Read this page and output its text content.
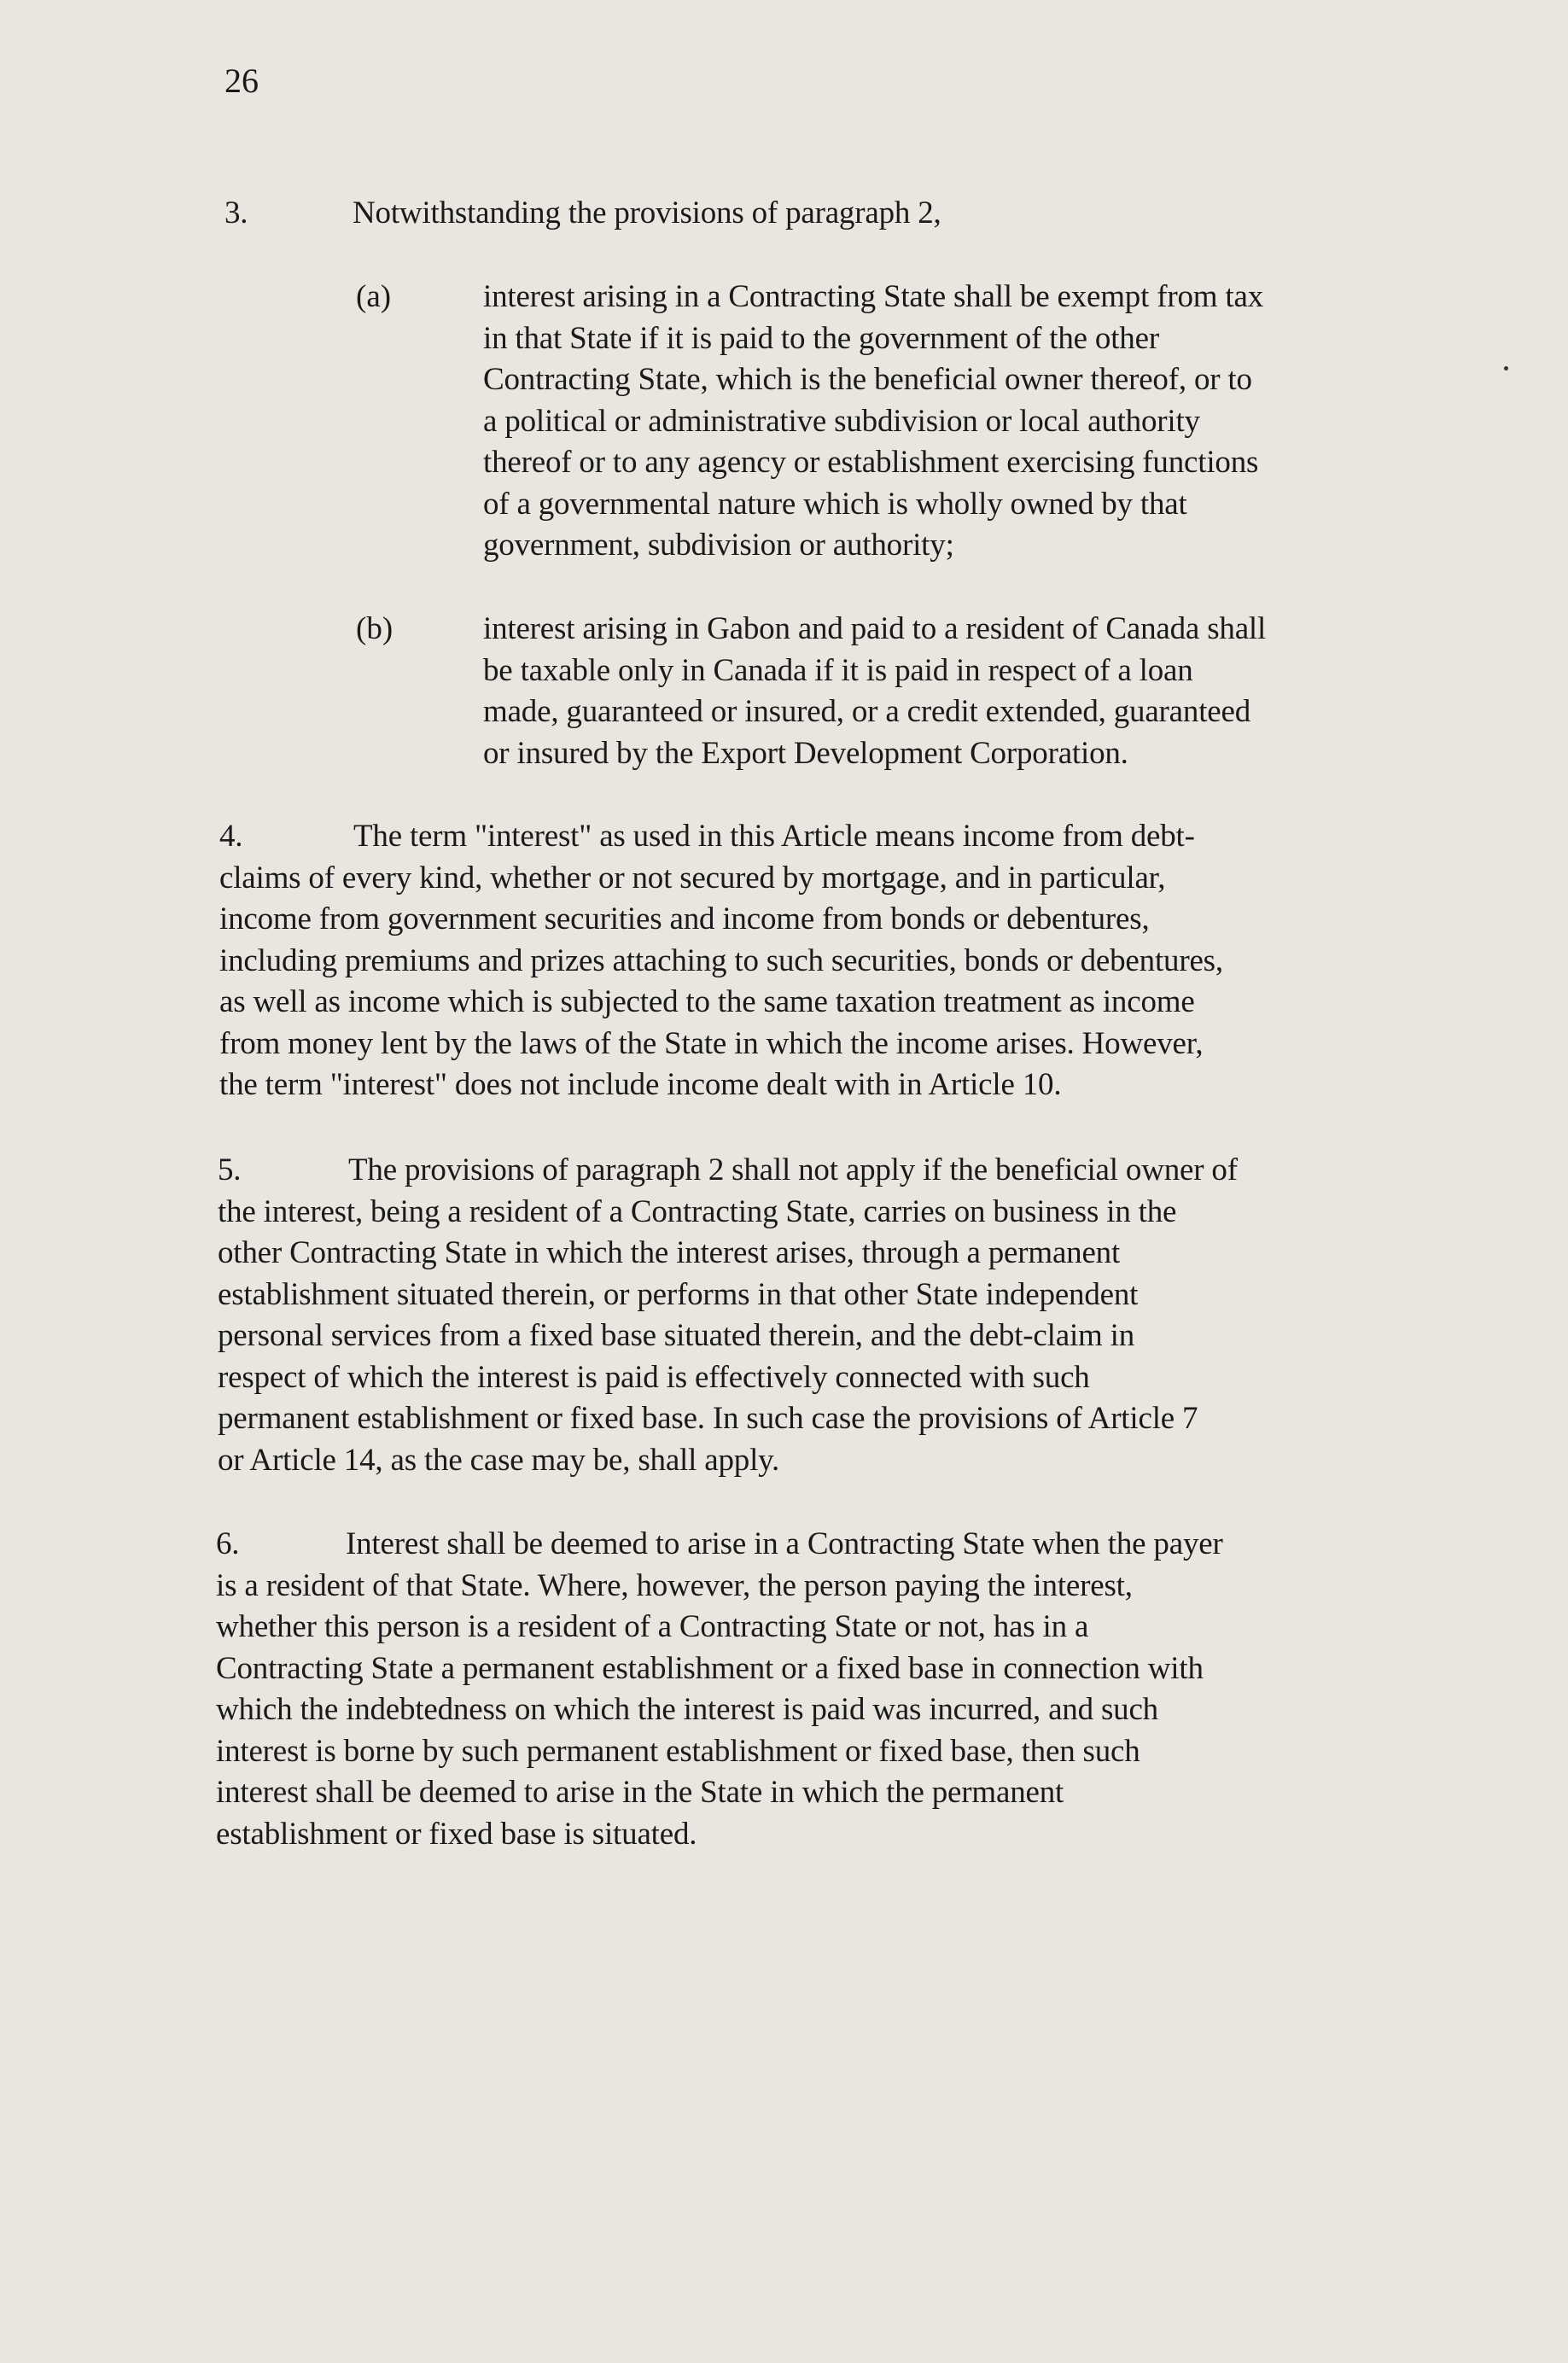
26
3.	Notwithstanding the provisions of paragraph 2,
(a)	interest arising in a Contracting State shall be exempt from tax
in that State if it is paid to the government of the other
Contracting State, which is the beneficial owner thereof, or to
a political or administrative subdivision or local authority
thereof or to any agency or establishment exercising functions
of a governmental nature which is wholly owned by that
government, subdivision or authority;
(b)	interest arising in Gabon and paid to a resident of Canada shall
be taxable only in Canada if it is paid in respect of a loan
made, guaranteed or insured, or a credit extended, guaranteed
or insured by the Export Development Corporation.
4.	The term "interest" as used in this Article means income from debt-
claims of every kind, whether or not secured by mortgage, and in particular,
income from government securities and income from bonds or debentures,
including premiums and prizes attaching to such securities, bonds or debentures,
as well as income which is subjected to the same taxation treatment as income
from money lent by the laws of the State in which the income arises. However,
the term "interest" does not include income dealt with in Article 10.
5.	The provisions of paragraph 2 shall not apply if the beneficial owner of
the interest, being a resident of a Contracting State, carries on business in the
other Contracting State in which the interest arises, through a permanent
establishment situated therein, or performs in that other State independent
personal services from a fixed base situated therein, and the debt-claim in
respect of which the interest is paid is effectively connected with such
permanent establishment or fixed base. In such case the provisions of Article 7
or Article 14, as the case may be, shall apply.
6.	Interest shall be deemed to arise in a Contracting State when the payer
is a resident of that State. Where, however, the person paying the interest,
whether this person is a resident of a Contracting State or not, has in a
Contracting State a permanent establishment or a fixed base in connection with
which the indebtedness on which the interest is paid was incurred, and such
interest is borne by such permanent establishment or fixed base, then such
interest shall be deemed to arise in the State in which the permanent
establishment or fixed base is situated.
